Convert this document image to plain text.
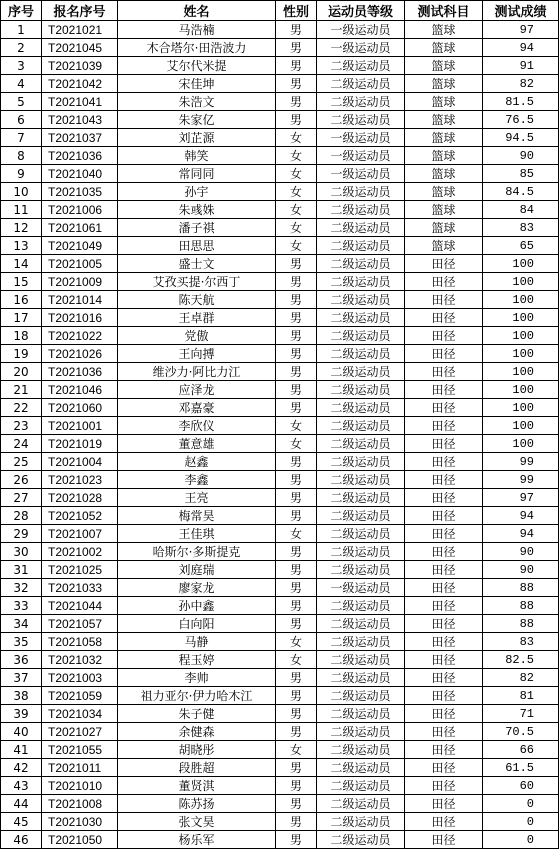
序号	报名序号	姓名	性别	运动员等级	测试科目	测试成绩
1	T2021021	马浩楠	男	一级运动员	篮球	97
2	T2021045	木合塔尔·田浩波力	男	一级运动员	篮球	94
3	T2021039	艾尔代米提	男	二级运动员	篮球	91
4	T2021042	宋佳坤	男	二级运动员	篮球	82
5	T2021041	朱浩文	男	二级运动员	篮球	81.5
6	T2021043	朱家亿	男	二级运动员	篮球	76.5
7	T2021037	刘芷源	女	一级运动员	篮球	94.5
8	T2021036	韩笑	女	一级运动员	篮球	90
9	T2021040	常同同	女	一级运动员	篮球	85
10	T2021035	孙宇	女	二级运动员	篮球	84.5
11	T2021006	朱彧姝	女	二级运动员	篮球	84
12	T2021061	潘子祺	女	二级运动员	篮球	83
13	T2021049	田思思	女	二级运动员	篮球	65
14	T2021005	盛士文	男	二级运动员	田径	100
15	T2021009	艾孜买提·尔西丁	男	二级运动员	田径	100
16	T2021014	陈天航	男	二级运动员	田径	100
17	T2021016	王卓群	男	二级运动员	田径	100
18	T2021022	党傲	男	二级运动员	田径	100
19	T2021026	王向搏	男	二级运动员	田径	100
20	T2021036	维沙力·阿比力江	男	二级运动员	田径	100
21	T2021046	应泽龙	男	二级运动员	田径	100
22	T2021060	邓嘉豪	男	二级运动员	田径	100
23	T2021001	李欣仪	女	二级运动员	田径	100
24	T2021019	董意雄	女	二级运动员	田径	100
25	T2021004	赵鑫	男	二级运动员	田径	99
26	T2021023	李鑫	男	二级运动员	田径	99
27	T2021028	王亮	男	二级运动员	田径	97
28	T2021052	梅常昊	男	二级运动员	田径	94
29	T2021007	王佳琪	女	二级运动员	田径	94
30	T2021002	哈斯尔·多斯提克	男	二级运动员	田径	90
31	T2021025	刘庭瑞	男	二级运动员	田径	90
32	T2021033	廖家龙	男	一级运动员	田径	88
33	T2021044	孙中鑫	男	二级运动员	田径	88
34	T2021057	白向阳	男	二级运动员	田径	88
35	T2021058	马静	女	二级运动员	田径	83
36	T2021032	程玉婷	女	二级运动员	田径	82.5
37	T2021003	李帅	男	二级运动员	田径	82
38	T2021059	祖力亚尔·伊力哈木江	男	二级运动员	田径	81
39	T2021034	朱子健	男	二级运动员	田径	71
40	T2021027	余健森	男	二级运动员	田径	70.5
41	T2021055	胡晓彤	女	二级运动员	田径	66
42	T2021011	段胜超	男	二级运动员	田径	61.5
43	T2021010	董贤淇	男	二级运动员	田径	60
44	T2021008	陈苏扬	男	二级运动员	田径	0
45	T2021030	张文昊	男	二级运动员	田径	0
46	T2021050	杨乐军	男	二级运动员	田径	0
